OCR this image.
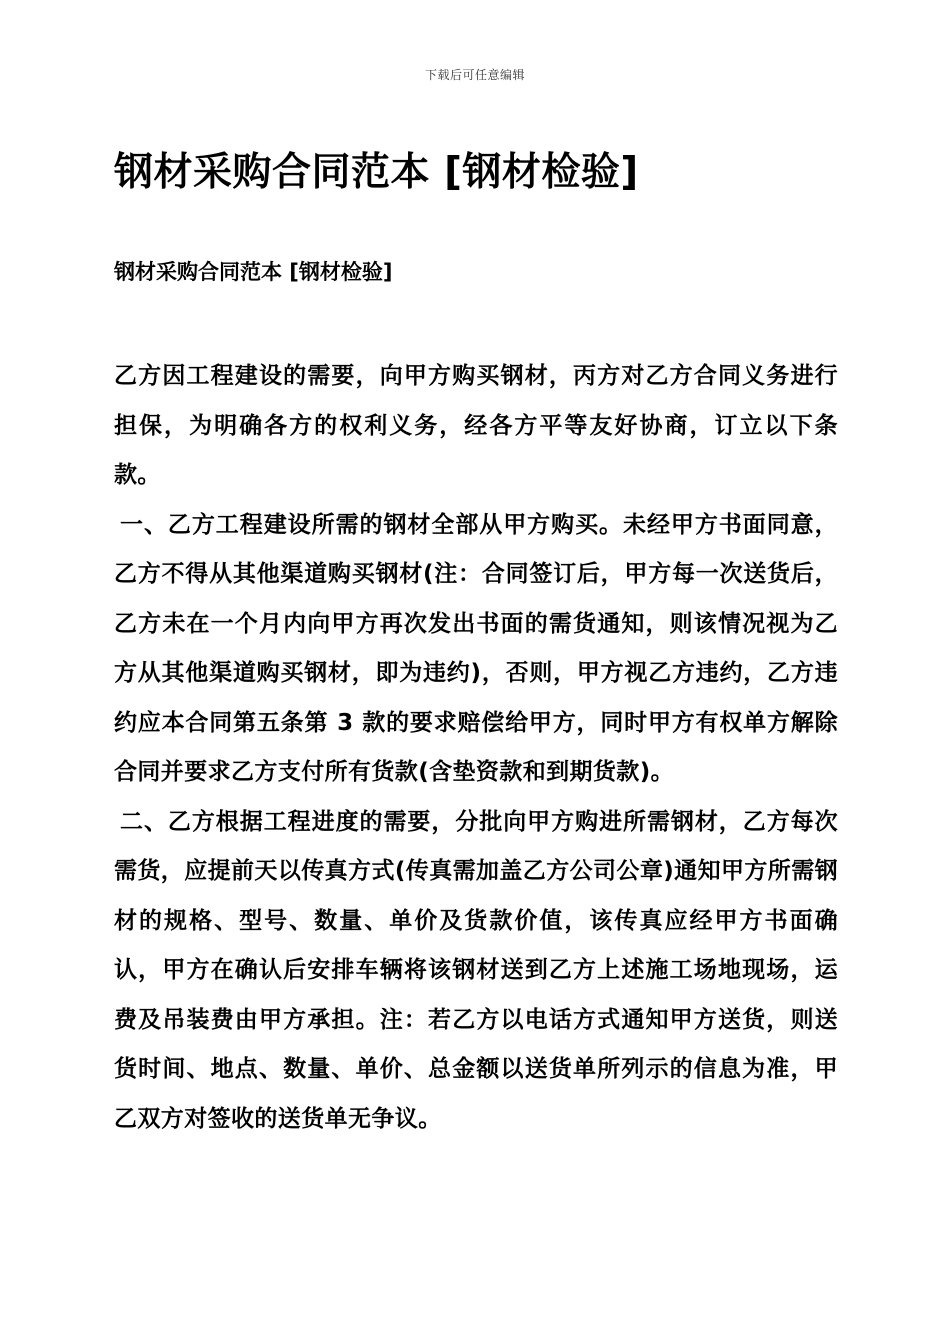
下载后可任意编辑
钢材采购合同范本 [钢材检验]
钢材采购合同范本 [钢材检验]

乙方因工程建设的需要，向甲方购买钢材，丙方对乙方合同义务进行担保，为明确各方的权利义务，经各方平等友好协商，订立以下条款。

一、乙方工程建设所需的钢材全部从甲方购买。未经甲方书面同意，乙方不得从其他渠道购买钢材(注：合同签订后，甲方每一次送货后，乙方未在一个月内向甲方再次发出书面的需货通知，则该情况视为乙方从其他渠道购买钢材，即为违约)，否则，甲方视乙方违约，乙方违约应本合同第五条第 3 款的要求赔偿给甲方，同时甲方有权单方解除合同并要求乙方支付所有货款(含垫资款和到期货款)。

二、乙方根据工程进度的需要，分批向甲方购进所需钢材，乙方每次需货，应提前天以传真方式(传真需加盖乙方公司公章)通知甲方所需钢材的规格、型号、数量、单价及货款价值，该传真应经甲方书面确认，甲方在确认后安排车辆将该钢材送到乙方上述施工场地现场，运费及吊装费由甲方承担。注：若乙方以电话方式通知甲方送货，则送货时间、地点、数量、单价、总金额以送货单所列示的信息为准，甲乙双方对签收的送货单无争议。
